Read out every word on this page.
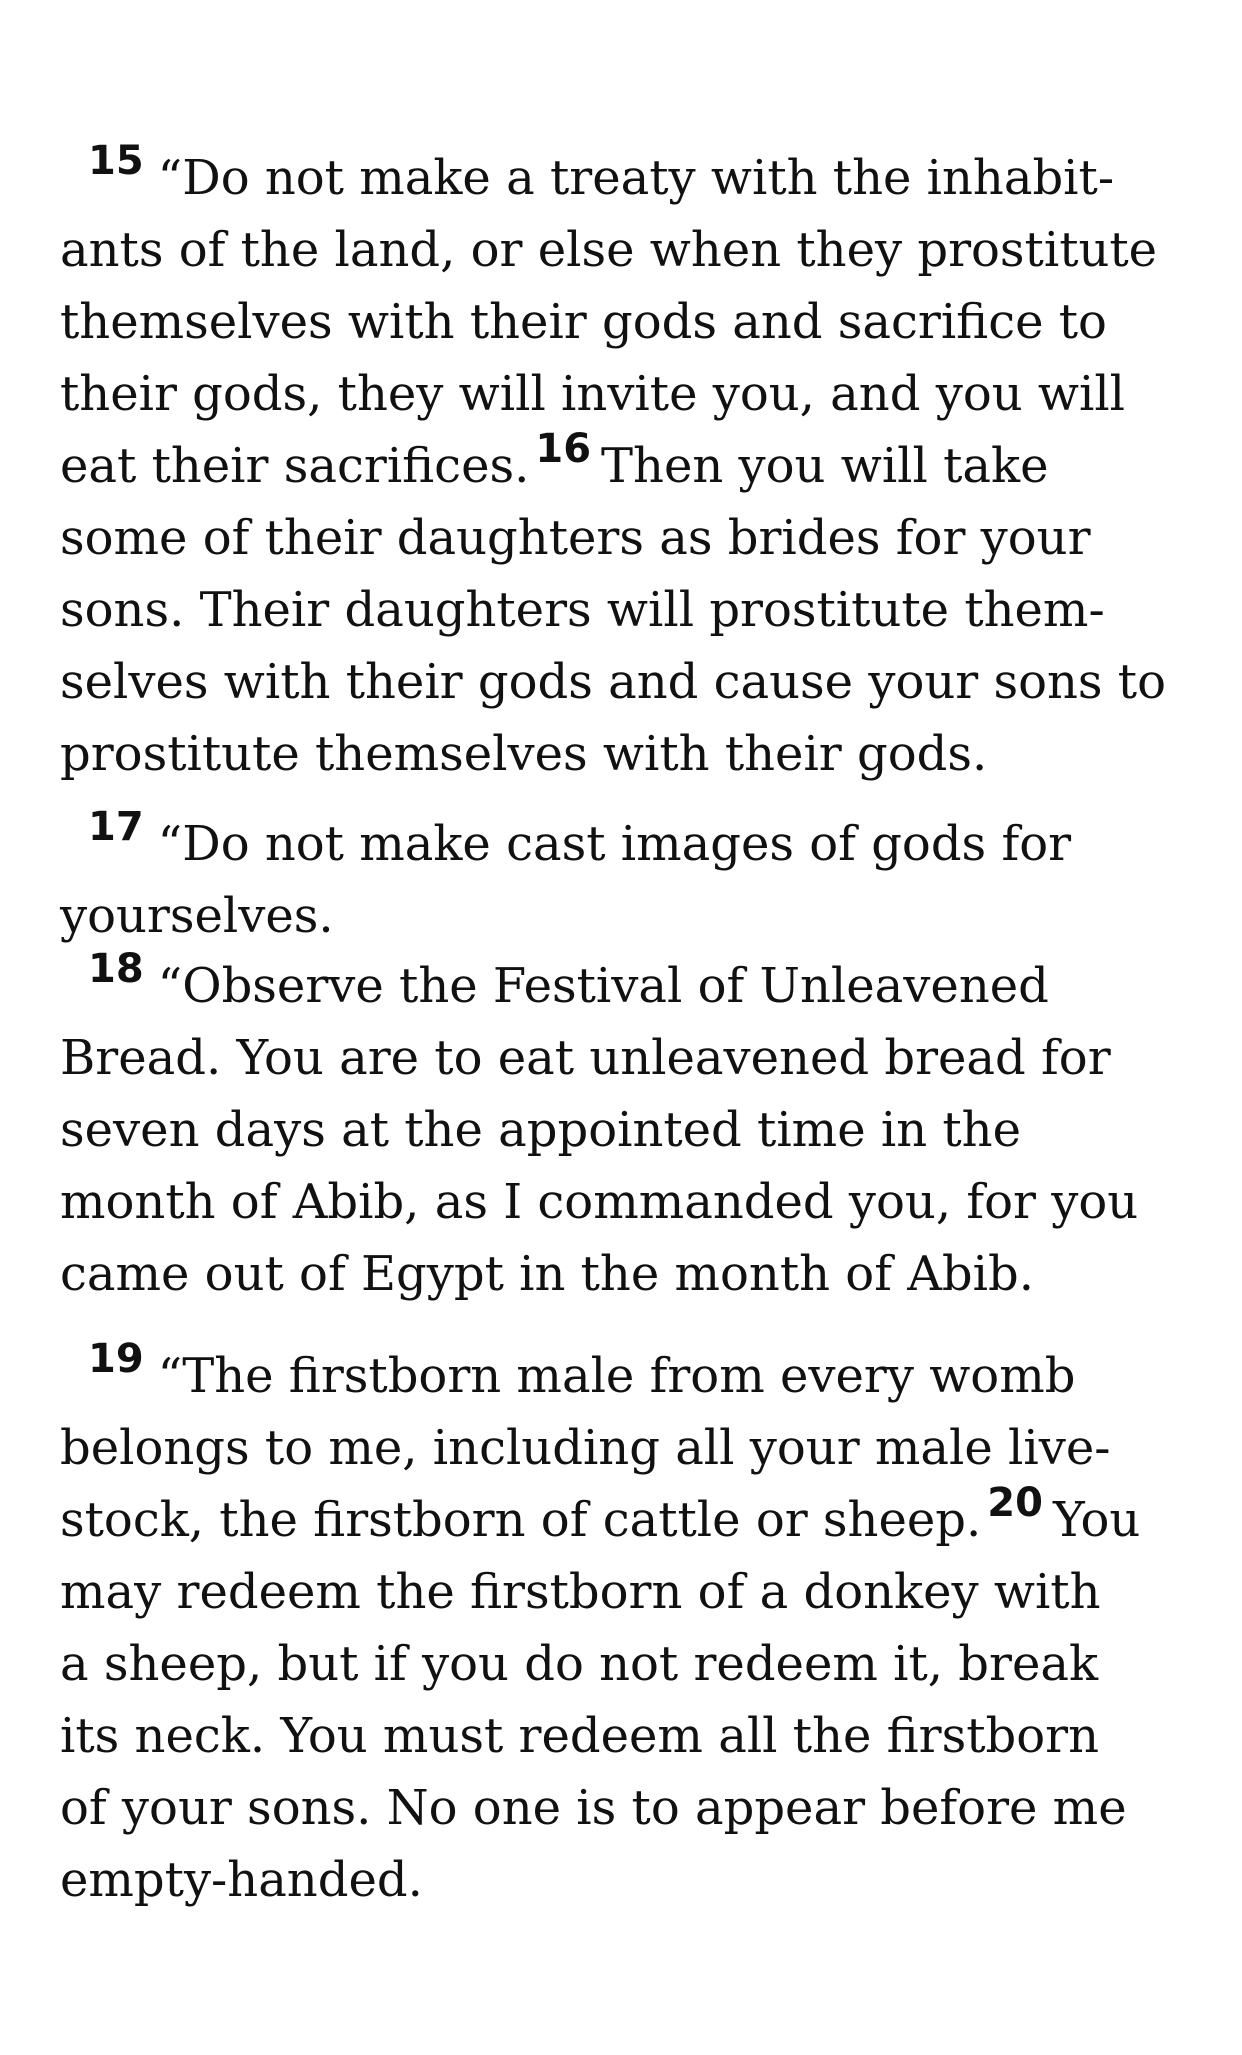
$^{15}$ “Do not make a treaty with the inhabit-
ants of the land, or else when they prostitute
themselves with their gods and sacrifice to
their gods, they will invite you, and you will
eat their sacrifices. $^{16}$ Then you will take
some of their daughters as brides for your
sons. Their daughters will prostitute them-
selves with their gods and cause your sons to
prostitute themselves with their gods.
$^{17}$ “Do not make cast images of gods for
yourselves.
$^{18}$ “Observe the Festival of Unleavened
Bread. You are to eat unleavened bread for
seven days at the appointed time in the
month of Abib, as I commanded you, for you
came out of Egypt in the month of Abib.
$^{19}$ “The firstborn male from every womb
belongs to me, including all your male live-
stock, the firstborn of cattle or sheep. $^{20}$ You
may redeem the firstborn of a donkey with
a sheep, but if you do not redeem it, break
its neck. You must redeem all the firstborn
of your sons. No one is to appear before me
empty-handed.
